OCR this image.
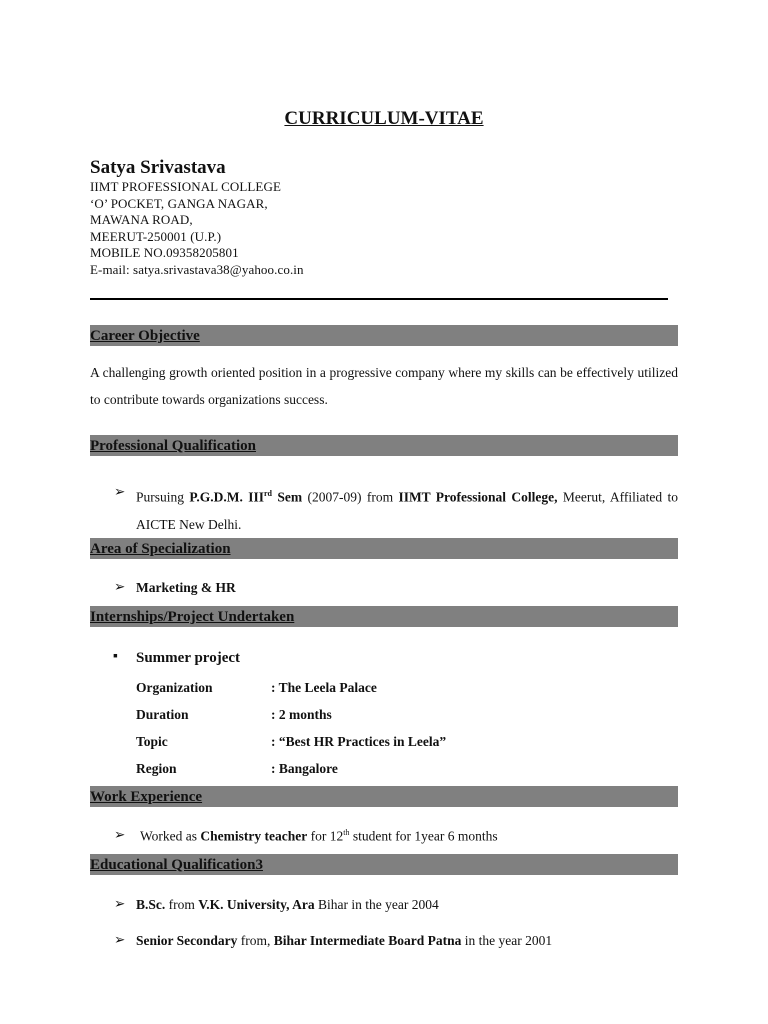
CURRICULUM-VITAE
Satya Srivastava
IIMT PROFESSIONAL COLLEGE
‘O’ POCKET, GANGA NAGAR,
MAWANA ROAD,
MEERUT-250001 (U.P.)
MOBILE NO.09358205801
E-mail: satya.srivastava38@yahoo.co.in
Career Objective
A challenging growth oriented position in a progressive company where my skills can be effectively utilized to contribute towards organizations success.
Professional Qualification
➢ Pursuing P.G.D.M. IIIrd Sem (2007-09) from IIMT Professional College, Meerut, Affiliated to AICTE New Delhi.
Area of Specialization
➢ Marketing & HR
Internships/Project Undertaken
▪ Summer project
Organization	: The Leela Palace
Duration	: 2 months
Topic	: “Best HR Practices in Leela”
Region	: Bangalore
Work Experience
➢ Worked as Chemistry teacher for 12th student for 1year 6 months
Educational Qualification3
➢ B.Sc. from V.K. University, Ara Bihar in the year 2004
➢ Senior Secondary from, Bihar Intermediate Board Patna in the year 2001
